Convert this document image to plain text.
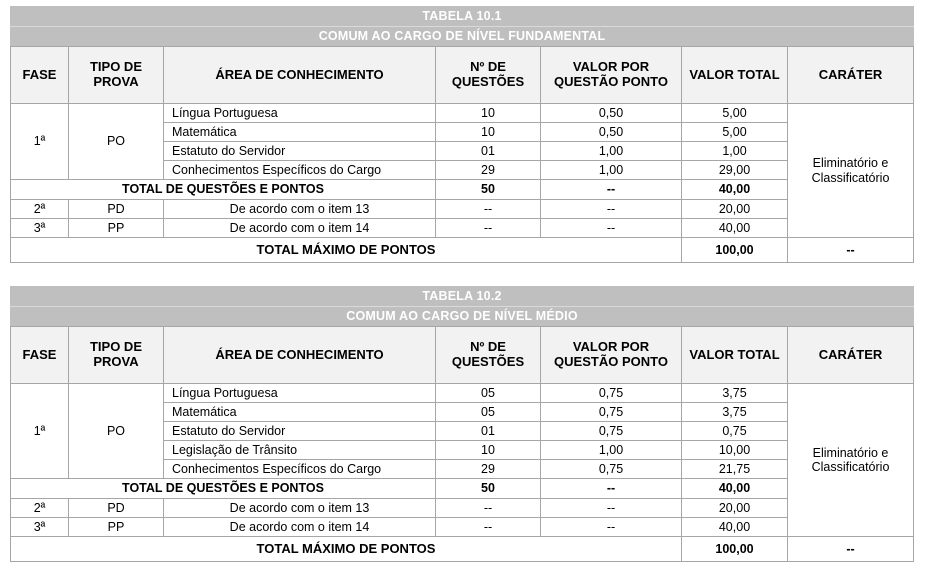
TABELA 10.1						
COMUM AO CARGO DE NÍVEL FUNDAMENTAL						
FASE	TIPO DE PROVA	ÁREA DE CONHECIMENTO	Nº DE QUESTÕES	VALOR POR QUESTÃO PONTO	VALOR TOTAL	CARÁTER
1ª	PO	Língua Portuguesa	10	0,50	5,00	Eliminatório e Classificatório
		Matemática	10	0,50	5,00	
		Estatuto do Servidor	01	1,00	1,00	
		Conhecimentos Específicos do Cargo	29	1,00	29,00	
TOTAL DE QUESTÕES E PONTOS			50	--	40,00	
2ª	PD	De acordo com o item 13	--	--	20,00	
3ª	PP	De acordo com o item 14	--	--	40,00	
TOTAL MÁXIMO DE PONTOS					100,00	--
TABELA 10.2						
COMUM AO CARGO DE NÍVEL MÉDIO						
FASE	TIPO DE PROVA	ÁREA DE CONHECIMENTO	Nº DE QUESTÕES	VALOR POR QUESTÃO PONTO	VALOR TOTAL	CARÁTER
1ª	PO	Língua Portuguesa	05	0,75	3,75	Eliminatório e Classificatório
		Matemática	05	0,75	3,75	
		Estatuto do Servidor	01	0,75	0,75	
		Legislação de Trânsito	10	1,00	10,00	
		Conhecimentos Específicos do Cargo	29	0,75	21,75	
TOTAL DE QUESTÕES E PONTOS			50	--	40,00	
2ª	PD	De acordo com o item 13	--	--	20,00	
3ª	PP	De acordo com o item 14	--	--	40,00	
TOTAL MÁXIMO DE PONTOS					100,00	--
